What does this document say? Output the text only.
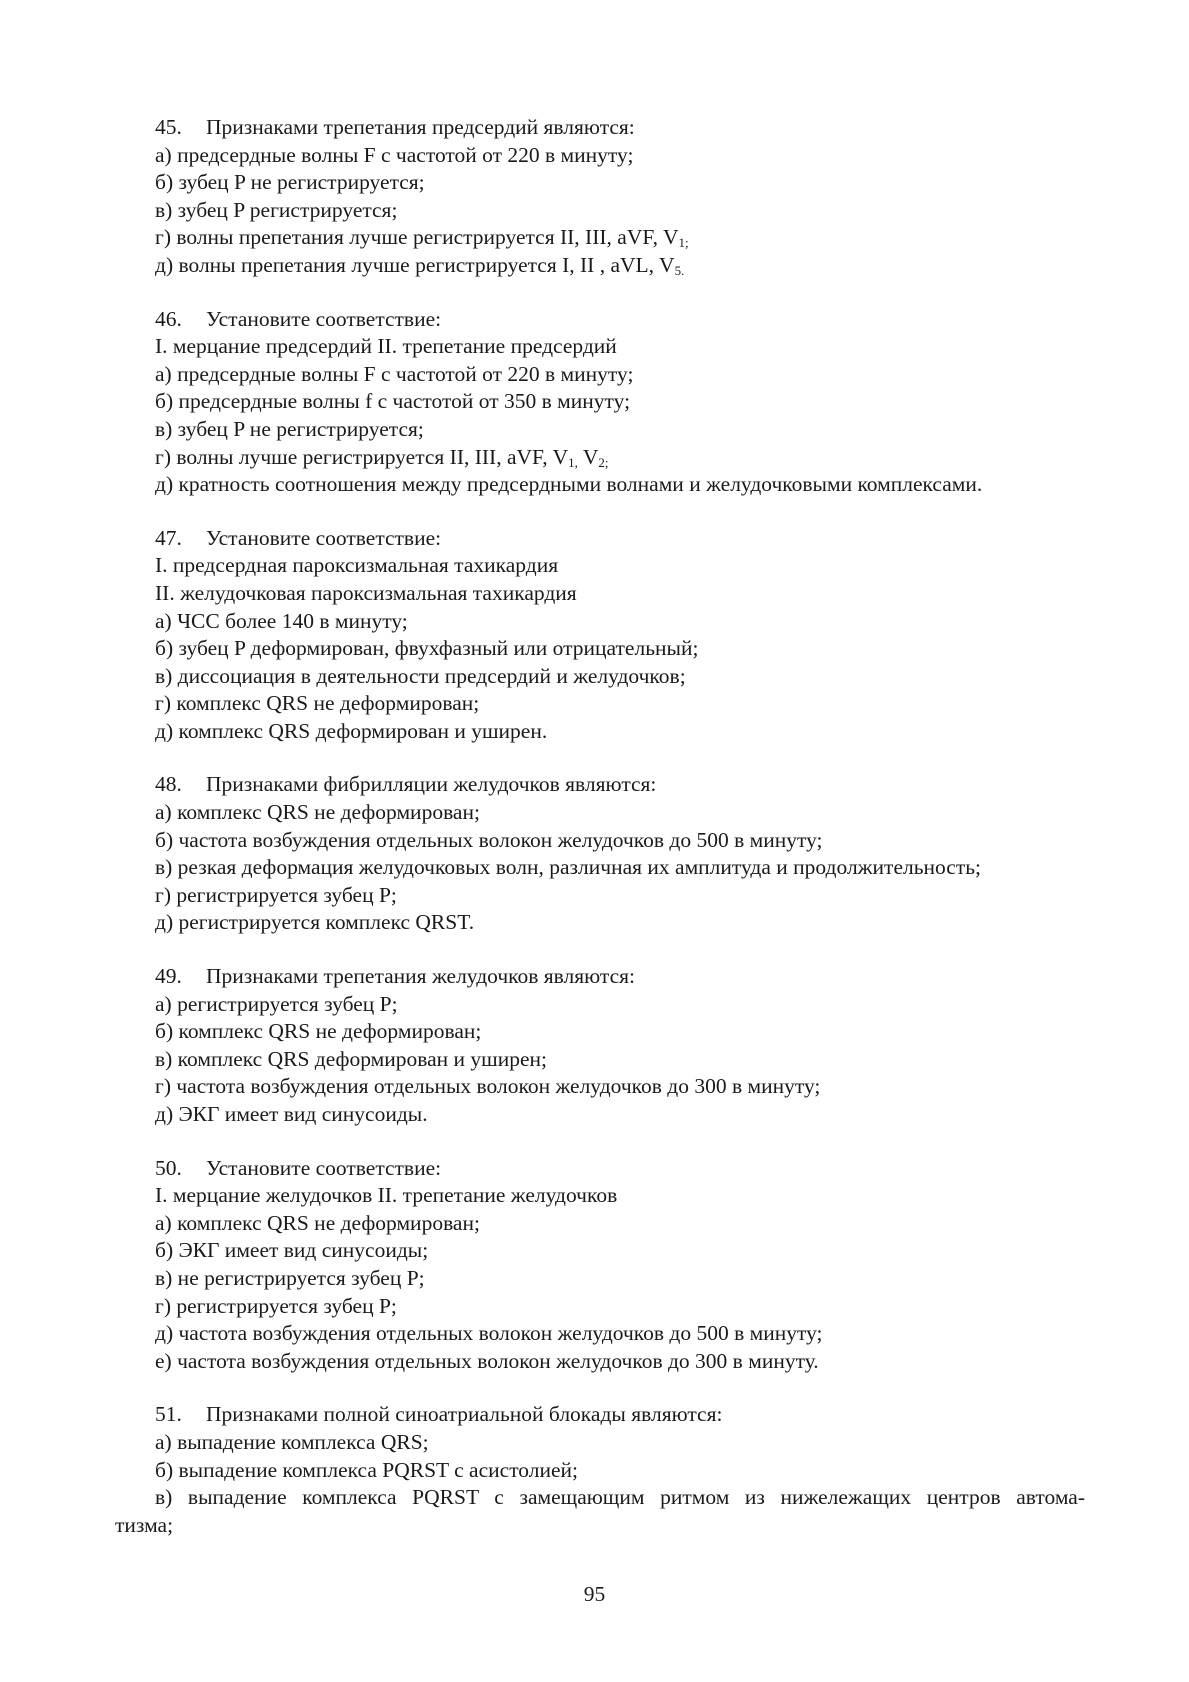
45.	Признаками трепетания предсердий являются:
а) предсердные волны F с частотой от 220 в минуту;
б) зубец P не регистрируется;
в) зубец P регистрируется;
г) волны препетания лучше регистрируется II, III, aVF, $V_{1;}$
д) волны препетания лучше регистрируется I, II , aVL, $V_{5.}$
46.	Установите соответствие:
I. мерцание предсердий II. трепетание предсердий
а) предсердные волны F с частотой от 220 в минуту;
б) предсердные волны f с частотой от 350 в минуту;
в) зубец P не регистрируется;
г) волны лучше регистрируется II, III, aVF, $V_{1,}$ $V_{2;}$
д) кратность соотношения между предсердными волнами и желудочковыми комплексами.
47.	Установите соответствие:
I. предсердная пароксизмальная тахикардия
II. желудочковая пароксизмальная тахикардия
а) ЧСС более 140 в минуту;
б) зубец P деформирован, фвухфазный или отрицательный;
в) диссоциация в деятельности предсердий и желудочков;
г) комплекс QRS не деформирован;
д) комплекс QRS деформирован и уширен.
48.	Признаками фибрилляции желудочков являются:
а) комплекс QRS не деформирован;
б) частота возбуждения отдельных волокон желудочков до 500 в минуту;
в) резкая деформация желудочковых волн, различная их амплитуда и продолжительность;
г) регистрируется зубец P;
д) регистрируется комплекс QRST.
49.	Признаками трепетания желудочков являются:
а) регистрируется зубец P;
б) комплекс QRS не деформирован;
в) комплекс QRS деформирован и уширен;
г) частота возбуждения отдельных волокон желудочков до 300 в минуту;
д) ЭКГ имеет вид синусоиды.
50.	Установите соответствие:
I. мерцание желудочков II. трепетание желудочков
а) комплекс QRS не деформирован;
б) ЭКГ имеет вид синусоиды;
в) не регистрируется зубец P;
г) регистрируется зубец P;
д) частота возбуждения отдельных волокон желудочков до 500 в минуту;
е) частота возбуждения отдельных волокон желудочков до 300 в минуту.
51.	Признаками полной синоатриальной блокады являются:
а) выпадение комплекса QRS;
б) выпадение комплекса PQRST с асистолией;
в) выпадение комплекса PQRST с замещающим ритмом из нижележащих центров автома-
тизма;
95
